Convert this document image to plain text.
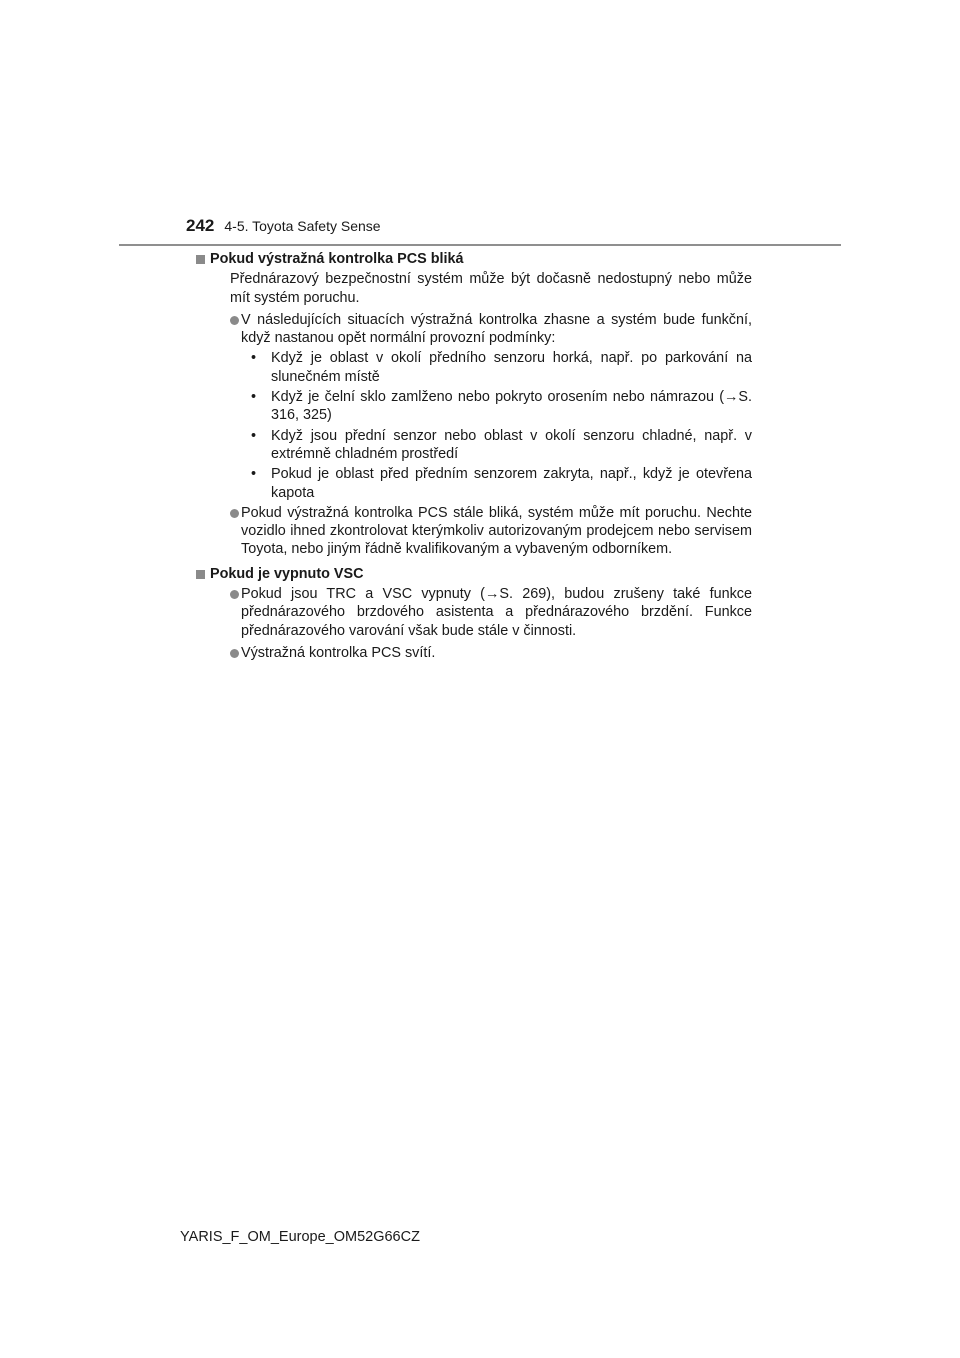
242 4-5. Toyota Safety Sense
Pokud výstražná kontrolka PCS bliká
Přednárazový bezpečnostní systém může být dočasně nedostupný nebo může mít systém poruchu.
V následujících situacích výstražná kontrolka zhasne a systém bude funkční, když nastanou opět normální provozní podmínky:
• Když je oblast v okolí předního senzoru horká, např. po parkování na slunečném místě
• Když je čelní sklo zamlženo nebo pokryto orosením nebo námrazou (→S. 316, 325)
• Když jsou přední senzor nebo oblast v okolí senzoru chladné, např. v extrémně chladném prostředí
• Pokud je oblast před předním senzorem zakryta, např., když je otevřena kapota
Pokud výstražná kontrolka PCS stále bliká, systém může mít poruchu. Nechte vozidlo ihned zkontrolovat kterýmkoliv autorizovaným prodejcem nebo servisem Toyota, nebo jiným řádně kvalifikovaným a vybaveným odborníkem.
Pokud je vypnuto VSC
Pokud jsou TRC a VSC vypnuty (→S. 269), budou zrušeny také funkce přednárazového brzdového asistenta a přednárazového brzdění. Funkce přednárazového varování však bude stále v činnosti.
Výstražná kontrolka PCS svítí.
YARIS_F_OM_Europe_OM52G66CZ
